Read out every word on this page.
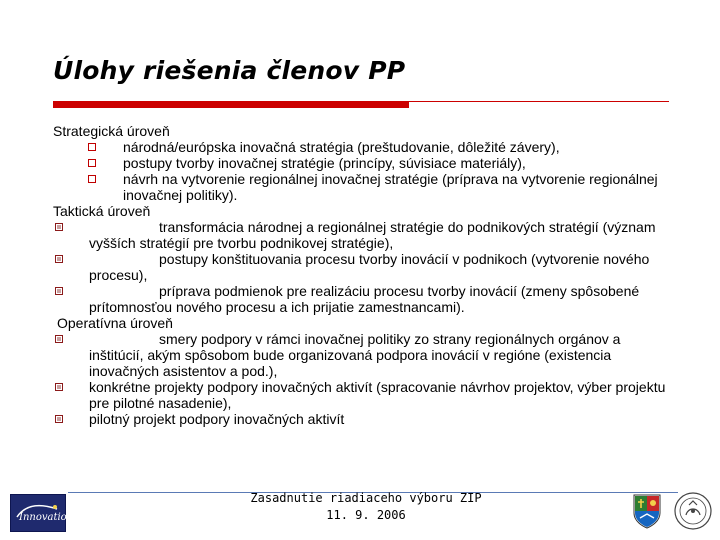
Úlohy riešenia členov PP

Strategická úroveň

národná/európska inovačná stratégia (preštudovanie, dôležité závery),

postupy tvorby inovačnej stratégie (princípy, súvisiace materiály),

návrh na vytvorenie regionálnej inovačnej stratégie (príprava na vytvorenie regionálnej inovačnej politiky).

Taktická úroveň

transformácia národnej a regionálnej stratégie do podnikových stratégií (význam vyšších stratégií pre tvorbu podnikovej stratégie),

postupy konštituovania procesu tvorby inovácií v podnikoch (vytvorenie nového procesu),

príprava podmienok pre realizáciu procesu tvorby inovácií (zmeny spôsobené prítomnosťou nového procesu a ich prijatie zamestnancami).

Operatívna úroveň

smery podpory v rámci inovačnej politiky zo strany regionálnych orgánov a inštitúcií, akým spôsobom bude organizovaná podpora inovácií v regióne (existencia inovačných asistentov a pod.),

konkrétne projekty podpory inovačných aktivít (spracovanie návrhov projektov, výber projektu pre pilotné nasadenie),

pilotný projekt podpory inovačných aktivít

Innovation
Zasadnutie riadiaceho výboru ZIP
11. 9. 2006
